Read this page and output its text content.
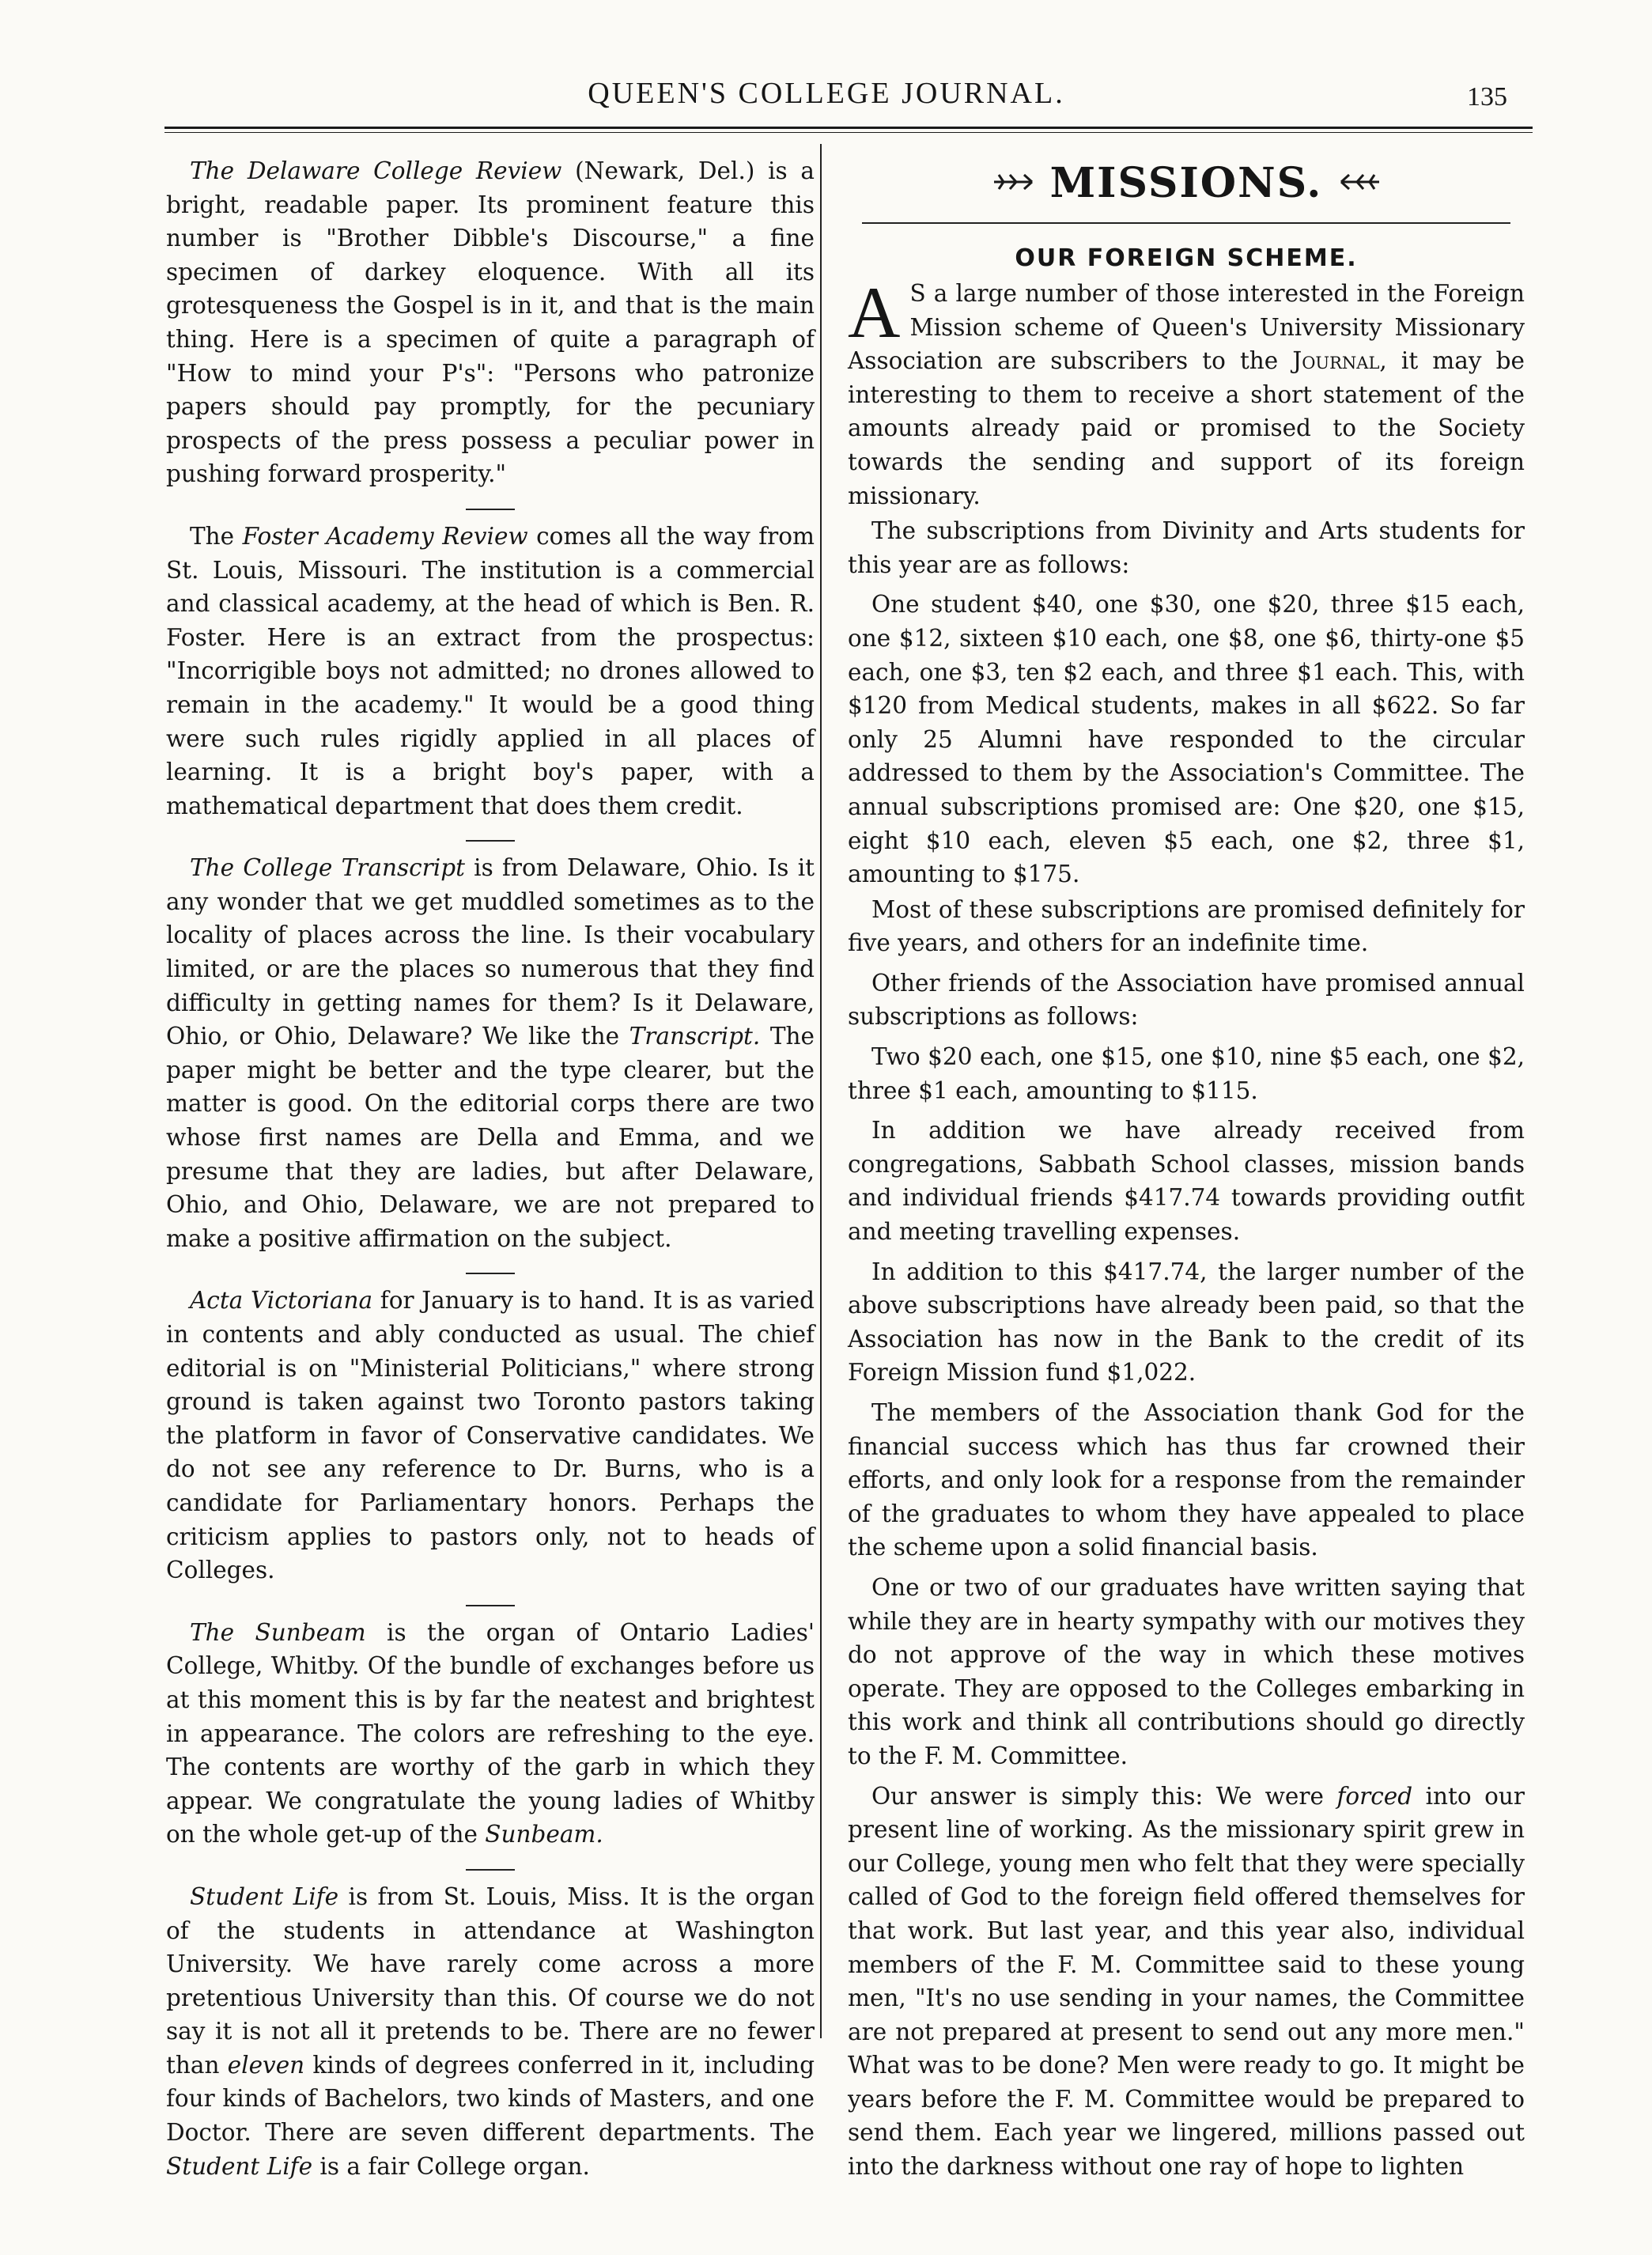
QUEEN'S COLLEGE JOURNAL.	135

The Delaware College Review (Newark, Del.) is a bright, readable paper. Its prominent feature this number is "Brother Dibble's Discourse," a fine specimen of darkey eloquence. With all its grotesqueness the Gospel is in it, and that is the main thing. Here is a specimen of quite a paragraph of "How to mind your P's": "Persons who patronize papers should pay promptly, for the pecuniary prospects of the press possess a peculiar power in pushing forward prosperity."

The Foster Academy Review comes all the way from St. Louis, Missouri. The institution is a commercial and classical academy, at the head of which is Ben. R. Foster. Here is an extract from the prospectus: "Incorrigible boys not admitted; no drones allowed to remain in the academy." It would be a good thing were such rules rigidly applied in all places of learning. It is a bright boy's paper, with a mathematical department that does them credit.

The College Transcript is from Delaware, Ohio. Is it any wonder that we get muddled sometimes as to the locality of places across the line. Is their vocabulary limited, or are the places so numerous that they find difficulty in getting names for them? Is it Delaware, Ohio, or Ohio, Delaware? We like the Transcript. The paper might be better and the type clearer, but the matter is good. On the editorial corps there are two whose first names are Della and Emma, and we presume that they are ladies, but after Delaware, Ohio, and Ohio, Delaware, we are not prepared to make a positive affirmation on the subject.

Acta Victoriana for January is to hand. It is as varied in contents and ably conducted as usual. The chief editorial is on "Ministerial Politicians," where strong ground is taken against two Toronto pastors taking the platform in favor of Conservative candidates. We do not see any reference to Dr. Burns, who is a candidate for Parliamentary honors. Perhaps the criticism applies to pastors only, not to heads of Colleges.

The Sunbeam is the organ of Ontario Ladies' College, Whitby. Of the bundle of exchanges before us at this moment this is by far the neatest and brightest in appearance. The colors are refreshing to the eye. The contents are worthy of the garb in which they appear. We congratulate the young ladies of Whitby on the whole get-up of the Sunbeam.

Student Life is from St. Louis, Miss. It is the organ of the students in attendance at Washington University. We have rarely come across a more pretentious University than this. Of course we do not say it is not all it pretends to be. There are no fewer than eleven kinds of degrees conferred in it, including four kinds of Bachelors, two kinds of Masters, and one Doctor. There are seven different departments. The Student Life is a fair College organ.

MISSIONS.
OUR FOREIGN SCHEME.

A S a large number of those interested in the Foreign Mission scheme of Queen's University Missionary Association are subscribers to the Journal, it may be interesting to them to receive a short statement of the amounts already paid or promised to the Society towards the sending and support of its foreign missionary.

The subscriptions from Divinity and Arts students for this year are as follows:

One student $40, one $30, one $20, three $15 each, one $12, sixteen $10 each, one $8, one $6, thirty-one $5 each, one $3, ten $2 each, and three $1 each. This, with $120 from Medical students, makes in all $622. So far only 25 Alumni have responded to the circular addressed to them by the Association's Committee. The annual subscriptions promised are: One $20, one $15, eight $10 each, eleven $5 each, one $2, three $1, amounting to $175.

Most of these subscriptions are promised definitely for five years, and others for an indefinite time.

Other friends of the Association have promised annual subscriptions as follows:

Two $20 each, one $15, one $10, nine $5 each, one $2, three $1 each, amounting to $115.

In addition we have already received from congregations, Sabbath School classes, mission bands and individual friends $417.74 towards providing outfit and meeting travelling expenses.

In addition to this $417.74, the larger number of the above subscriptions have already been paid, so that the Association has now in the Bank to the credit of its Foreign Mission fund $1,022.

The members of the Association thank God for the financial success which has thus far crowned their efforts, and only look for a response from the remainder of the graduates to whom they have appealed to place the scheme upon a solid financial basis.

One or two of our graduates have written saying that while they are in hearty sympathy with our motives they do not approve of the way in which these motives operate. They are opposed to the Colleges embarking in this work and think all contributions should go directly to the F. M. Committee.

Our answer is simply this: We were forced into our present line of working. As the missionary spirit grew in our College, young men who felt that they were specially called of God to the foreign field offered themselves for that work. But last year, and this year also, individual members of the F. M. Committee said to these young men, "It's no use sending in your names, the Committee are not prepared at present to send out any more men." What was to be done? Men were ready to go. It might be years before the F. M. Committee would be prepared to send them. Each year we lingered, millions passed out into the darkness without one ray of hope to lighten
